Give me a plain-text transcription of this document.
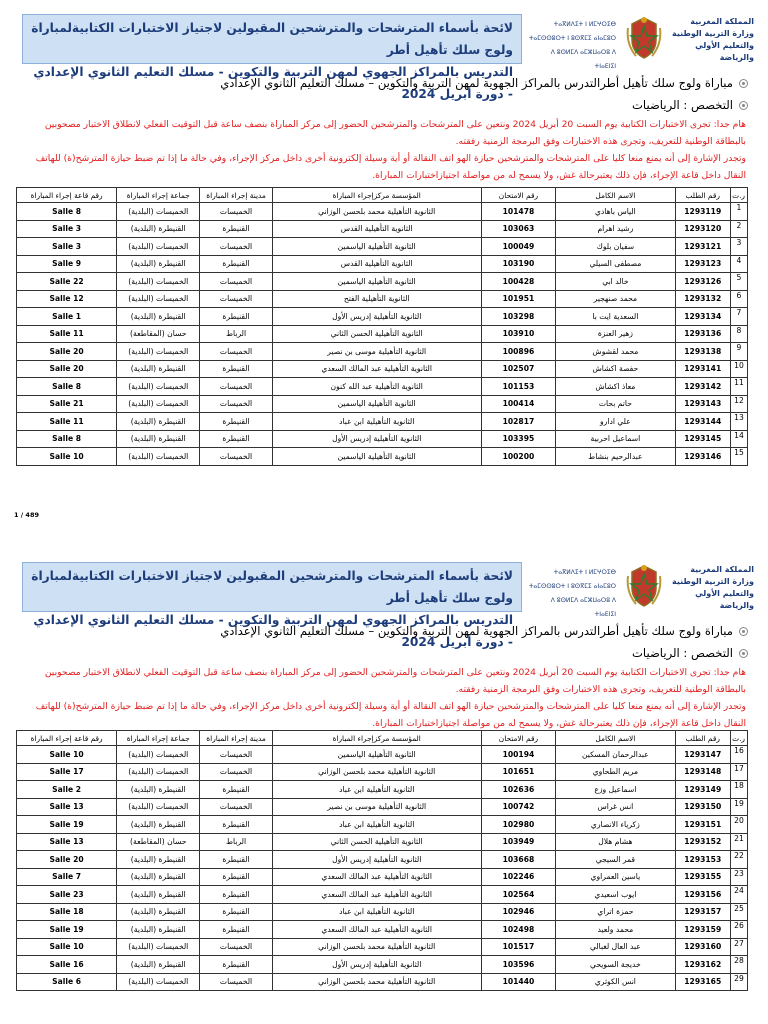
لائحة بأسماء المترشحات والمترشحين المقبولين لاجتياز الاختبارات الكتابيةلمباراة ولوج سلك تأهيل أطر
التدريس بالمراكز الجهوي لمهن التربية والتكوين - مسلك التعليم الثانوي الإعدادي - دورة أبريل 2024
ⵜⴰⴳⵍⴷⵉⵜ ⵏ ⵍⵎⵖⵔⵉⴱ
ⵜⴰⵎⵙⵙⵓⵔⵜ ⵏ ⵓⵙⴳⵎⵉ ⴰⵏⴰⵎⵓⵔ
ⴷ ⵓⵙⵍⵎⴷ ⴰⵎⵣⵡⴰⵔⵓ ⴷ ⵜⵏⴰⴹⵏⵉⵏ
المملكة المغربية
وزارة التربية الوطنية
والتعليم الأولي والرياضة
مباراة ولوج سلك تأهيل أطرالتدرس بالمراكز الجهوية لمهن التربية والتكوين – مسلك التعليم الثانوي الإعدادي
التخصص : الرياضيات

هام جدا: تجرى الاختبارات الكتابية يوم السبت 20 أبريل 2024 ونتعين على المترشحات والمترشحين الحضور إلى مركز المباراة بنصف ساعة قبل التوقيت الفعلي لانطلاق الاختبار مصحوبين بالبطاقة الوطنية للتعريف، وتجرى هذه الاختبارات وفق البرمجة الزمنية رفقته.

وتجدر الإشارة إلى أنه يمنع منعا كليا على المترشحات والمترشحين حيازة الهو اتف النقالة أو أية وسيلة إلكترونية أخرى داخل مركز الإجراء، وفي حالة ما إذا تم ضبط حيازة المترشح(ة) للهاتف النقال داخل قاعة الإجراء، فإن ذلك يعتبرحالة غش، ولا يسمح له من مواصلة اجتيازاختبارات المباراة.

ر.ت	رقم الطلب	الاسم الكامل	رقم الامتحان	المؤسسة مركزإجراء المباراة	مدينة إجراء المباراة	جماعة إجراء المباراة	رقم قاعة إجراء المباراة
1	1293119	الياس باهادي	101478	الثانوية التأهيلية محمد بلحسن الوزاني	الخميسات	الخميسات (البلدية)	Salle 8
2	1293120	رشيد اهرام	103063	الثانوية التأهيلية القدس	القنيطرة	القنيطرة (البلدية)	Salle 3
3	1293121	سفيان بلوك	100049	الثانوية التأهيلية الياسمين	الخميسات	الخميسات (البلدية)	Salle 3
4	1293123	مصطفى السيلي	103190	الثانوية التأهيلية القدس	القنيطرة	القنيطرة (البلدية)	Salle 9
5	1293126	خالد ابي	100428	الثانوية التأهيلية الياسمين	الخميسات	الخميسات (البلدية)	Salle 22
6	1293132	محمد صنهجير	101951	الثانوية التأهيلية الفتح	الخميسات	الخميسات (البلدية)	Salle 12
7	1293134	السعدية ايت با	103298	الثانوية التأهيلية إدريس الأول	القنيطرة	القنيطرة (البلدية)	Salle 1
8	1293136	زهير العنزة	103910	الثانوية التأهيلية الحسن الثاني	الرباط	حسان (المقاطعة)	Salle 11
9	1293138	محمد لقشوش	100896	الثانوية التأهيلية موسى بن نصير	الخميسات	الخميسات (البلدية)	Salle 20
10	1293141	حفصة اكشاش	102507	الثانوية التأهيلية عبد المالك السعدي	القنيطرة	القنيطرة (البلدية)	Salle 20
11	1293142	معاذ اكشاش	101153	الثانوية التأهيلية عبد الله كنون	الخميسات	الخميسات (البلدية)	Salle 8
12	1293143	حاتم بحات	100414	الثانوية التأهيلية الياسمين	الخميسات	الخميسات (البلدية)	Salle 21
13	1293144	علي ادارو	102817	الثانوية التأهيلية ابن عباد	القنيطرة	القنيطرة (البلدية)	Salle 11
14	1293145	اسماعيل احربية	103395	الثانوية التأهيلية إدريس الأول	القنيطرة	القنيطرة (البلدية)	Salle 8
15	1293146	عبدالرحيم بنشاط	100200	الثانوية التأهيلية الياسمين	الخميسات	الخميسات (البلدية)	Salle 10
1 / 489
لائحة بأسماء المترشحات والمترشحين المقبولين لاجتياز الاختبارات الكتابيةلمباراة ولوج سلك تأهيل أطر
التدريس بالمراكز الجهوي لمهن التربية والتكوين - مسلك التعليم الثانوي الإعدادي - دورة أبريل 2024
ⵜⴰⴳⵍⴷⵉⵜ ⵏ ⵍⵎⵖⵔⵉⴱ
ⵜⴰⵎⵙⵙⵓⵔⵜ ⵏ ⵓⵙⴳⵎⵉ ⴰⵏⴰⵎⵓⵔ
ⴷ ⵓⵙⵍⵎⴷ ⴰⵎⵣⵡⴰⵔⵓ ⴷ ⵜⵏⴰⴹⵏⵉⵏ
المملكة المغربية
وزارة التربية الوطنية
والتعليم الأولي والرياضة
مباراة ولوج سلك تأهيل أطرالتدرس بالمراكز الجهوية لمهن التربية والتكوين – مسلك التعليم الثانوي الإعدادي
التخصص : الرياضيات

هام جدا: تجرى الاختبارات الكتابية يوم السبت 20 أبريل 2024 ونتعين على المترشحات والمترشحين الحضور إلى مركز المباراة بنصف ساعة قبل التوقيت الفعلي لانطلاق الاختبار مصحوبين بالبطاقة الوطنية للتعريف، وتجرى هذه الاختبارات وفق البرمجة الزمنية رفقته.

وتجدر الإشارة إلى أنه يمنع منعا كليا على المترشحات والمترشحين حيازة الهو اتف النقالة أو أية وسيلة إلكترونية أخرى داخل مركز الإجراء، وفي حالة ما إذا تم ضبط حيازة المترشح(ة) للهاتف النقال داخل قاعة الإجراء، فإن ذلك يعتبرحالة غش، ولا يسمح له من مواصلة اجتيازاختبارات المباراة.

ر.ت	رقم الطلب	الاسم الكامل	رقم الامتحان	المؤسسة مركزإجراء المباراة	مدينة إجراء المباراة	جماعة إجراء المباراة	رقم قاعة إجراء المباراة
16	1293147	عبدالرحمان المسكين	100194	الثانوية التأهيلية الياسمين	الخميسات	الخميسات (البلدية)	Salle 10
17	1293148	مريم الطحاوي	101651	الثانوية التأهيلية محمد بلحسن الوزاني	الخميسات	الخميسات (البلدية)	Salle 17
18	1293149	اسماعيل وزع	102636	الثانوية التأهيلية ابن عباد	القنيطرة	القنيطرة (البلدية)	Salle 2
19	1293150	انس غراس	100742	الثانوية التأهيلية موسى بن نصير	الخميسات	الخميسات (البلدية)	Salle 13
20	1293151	زكرياء الانصاري	102980	الثانوية التأهيلية ابن عباد	القنيطرة	القنيطرة (البلدية)	Salle 19
21	1293152	هشام هلال	103949	الثانوية التأهيلية الحسن الثاني	الرباط	حسان (المقاطعة)	Salle 13
22	1293153	قمر السيجي	103668	الثانوية التأهيلية إدريس الأول	القنيطرة	القنيطرة (البلدية)	Salle 20
23	1293155	ياسين العمراوي	102246	الثانوية التأهيلية عبد المالك السعدي	القنيطرة	القنيطرة (البلدية)	Salle 7
24	1293156	ايوب اسعيدي	102564	الثانوية التأهيلية عبد المالك السعدي	القنيطرة	القنيطرة (البلدية)	Salle 23
25	1293157	حمزة اتراي	102946	الثانوية التأهيلية ابن عباد	القنيطرة	القنيطرة (البلدية)	Salle 18
26	1293159	محمد ولعيد	102498	الثانوية التأهيلية عبد المالك السعدي	القنيطرة	القنيطرة (البلدية)	Salle 19
27	1293160	عبد العال لغبالي	101517	الثانوية التأهيلية محمد بلحسن الوزاني	الخميسات	الخميسات (البلدية)	Salle 10
28	1293162	خديجة السويحي	103596	الثانوية التأهيلية إدريس الأول	القنيطرة	القنيطرة (البلدية)	Salle 16
29	1293165	انس الكوثري	101440	الثانوية التأهيلية محمد بلحسن الوزاني	الخميسات	الخميسات (البلدية)	Salle 6
